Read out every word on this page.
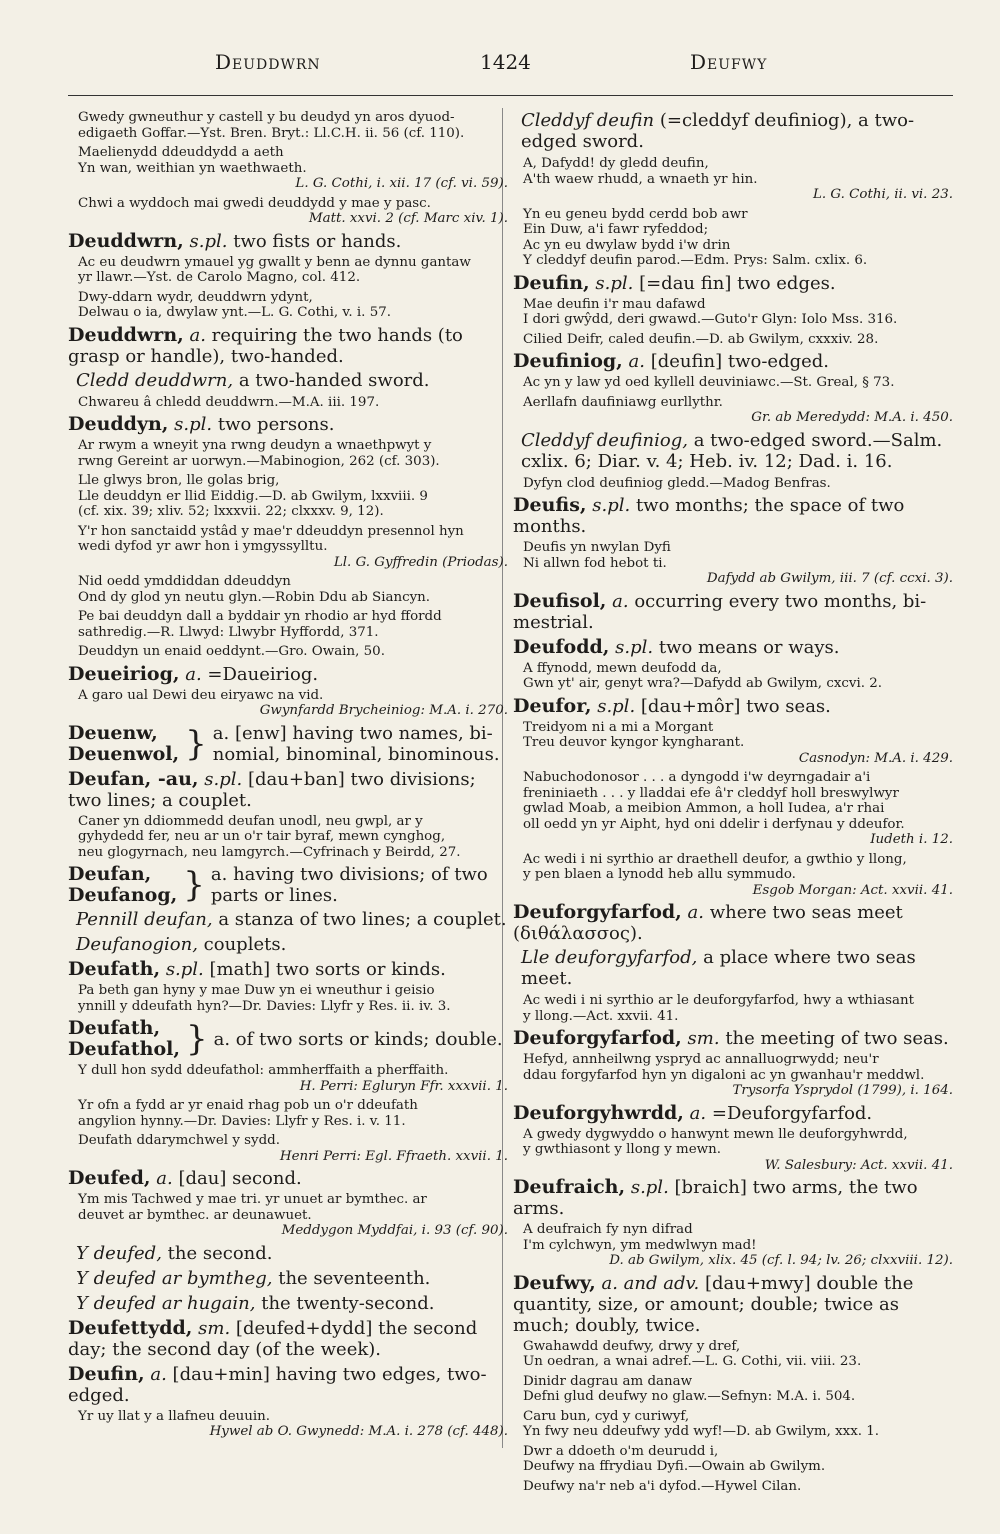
Deuddwrn	1424	Deufwy
Gwedy gwneuthur y castell y bu deudyd yn aros dyuod-
edigaeth Goffar.—Yst. Bren. Bryt.: Ll.C.H. ii. 56 (cf. 110).
Maelienydd ddeuddydd a aeth
Yn wan, weithian yn waethwaeth.
L. G. Cothi, i. xii. 17 (cf. vi. 59).
Chwi a wyddoch mai gwedi deuddydd y mae y pasc.
Matt. xxvi. 2 (cf. Marc xiv. 1).
Deuddwrn, s.pl. two fists or hands.
Ac eu deudwrn ymauel yg gwallt y benn ae dynnu gantaw
yr llawr.—Yst. de Carolo Magno, col. 412.
Dwy-ddarn wydr, deuddwrn ydynt,
Delwau o ia, dwylaw ynt.—L. G. Cothi, v. i. 57.
Deuddwrn, a. requiring the two hands (to grasp or handle), two-handed.
Cledd deuddwrn, a two-handed sword.
Chwareu â chledd deuddwrn.—M.A. iii. 197.
Deuddyn, s.pl. two persons.
Ar rwym a wneyit yna rwng deudyn a wnaethpwyt y
rwng Gereint ar uorwyn.—Mabinogion, 262 (cf. 303).
Lle glwys bron, lle golas brig,
Lle deuddyn er llid Eiddig.—D. ab Gwilym, lxxviii. 9
(cf. xix. 39; xliv. 52; lxxxvii. 22; clxxxv. 9, 12).
Y'r hon sanctaidd ystâd y mae'r ddeuddyn presennol hyn
wedi dyfod yr awr hon i ymgyssylltu.
Ll. G. Gyffredin (Priodas).
Nid oedd ymddiddan ddeuddyn
Ond dy glod yn neutu glyn.—Robin Ddu ab Siancyn.
Pe bai deuddyn dall a byddair yn rhodio ar hyd ffordd
sathredig.—R. Llwyd: Llwybr Hyffordd, 371.
Deuddyn un enaid oeddynt.—Gro. Owain, 50.
Deueiriog, a. =Daueiriog.
A garo ual Dewi deu eiryawc na vid.
Gwynfardd Brycheiniog: M.A. i. 270.
Deuenw,
Deuenwol, } a. [enw] having two names, bi-nomial, binominal, binominous.
Deufan, -au, s.pl. [dau+ban] two divisions; two lines; a couplet.
Caner yn ddiommedd deufan unodl, neu gwpl, ar y
gyhydedd fer, neu ar un o'r tair byraf, mewn cynghog,
neu glogyrnach, neu lamgyrch.—Cyfrinach y Beirdd, 27.
Deufan,
Deufanog, } a. having two divisions; of two parts or lines.
Pennill deufan, a stanza of two lines; a couplet.
Deufanogion, couplets.
Deufath, s.pl. [math] two sorts or kinds.
Pa beth gan hyny y mae Duw yn ei wneuthur i geisio
ynnill y ddeufath hyn?—Dr. Davies: Llyfr y Res. ii. iv. 3.
Deufath,
Deufathol, } a. of two sorts or kinds; double.
Y dull hon sydd ddeufathol: ammherffaith a pherffaith.
H. Perri: Egluryn Ffr. xxxvii. 1.
Yr ofn a fydd ar yr enaid rhag pob un o'r ddeufath
angylion hynny.—Dr. Davies: Llyfr y Res. i. v. 11.
Deufath ddarymchwel y sydd.
Henri Perri: Egl. Ffraeth. xxvii. 1.
Deufed, a. [dau] second.
Ym mis Tachwed y mae tri. yr unuet ar bymthec. ar
deuvet ar bymthec. ar deunawuet.
Meddygon Myddfai, i. 93 (cf. 90).
Y deufed, the second.
Y deufed ar bymtheg, the seventeenth.
Y deufed ar hugain, the twenty-second.
Deufettydd, sm. [deufed+dydd] the second day; the second day (of the week).
Deufin, a. [dau+min] having two edges, two-edged.
Yr uy llat y a llafneu deuuin.
Hywel ab O. Gwynedd: M.A. i. 278 (cf. 448).
Cleddyf deufin (=cleddyf deufiniog), a two-edged sword.
A, Dafydd! dy gledd deufin,
A'th waew rhudd, a wnaeth yr hin.
L. G. Cothi, ii. vi. 23.
Yn eu geneu bydd cerdd bob awr
Ein Duw, a'i fawr ryfeddod;
Ac yn eu dwylaw bydd i'w drin
Y cleddyf deufin parod.—Edm. Prys: Salm. cxlix. 6.
Deufin, s.pl. [=dau fin] two edges.
Mae deufin i'r mau dafawd
I dori gwŷdd, deri gwawd.—Guto'r Glyn: Iolo Mss. 316.
Cilied Deifr, caled deufin.—D. ab Gwilym, cxxxiv. 28.
Deufiniog, a. [deufin] two-edged.
Ac yn y law yd oed kyllell deuviniawc.—St. Greal, § 73.
Aerllafn daufiniawg eurllythr.
Gr. ab Meredydd: M.A. i. 450.
Cleddyf deufiniog, a two-edged sword.—Salm. cxlix. 6; Diar. v. 4; Heb. iv. 12; Dad. i. 16.
Dyfyn clod deufiniog gledd.—Madog Benfras.
Deufis, s.pl. two months; the space of two months.
Deufis yn nwylan Dyfi
Ni allwn fod hebot ti.
Dafydd ab Gwilym, iii. 7 (cf. ccxi. 3).
Deufisol, a. occurring every two months, bi-mestrial.
Deufodd, s.pl. two means or ways.
A ffynodd, mewn deufodd da,
Gwn yt' air, genyt wra?—Dafydd ab Gwilym, cxcvi. 2.
Deufor, s.pl. [dau+môr] two seas.
Treidyom ni a mi a Morgant
Treu deuvor kyngor kyngharant.
Casnodyn: M.A. i. 429.
Nabuchodonosor . . . a dyngodd i'w deyrngadair a'i
freniniaeth . . . y lladdai efe â'r cleddyf holl breswylwyr
gwlad Moab, a meibion Ammon, a holl Iudea, a'r rhai
oll oedd yn yr Aipht, hyd oni ddelir i derfynau y ddeufor.
Iudeth i. 12.
Ac wedi i ni syrthio ar draethell deufor, a gwthio y llong,
y pen blaen a lynodd heb allu symmudo.
Esgob Morgan: Act. xxvii. 41.
Deuforgyfarfod, a. where two seas meet (διθάλασσος).
Lle deuforgyfarfod, a place where two seas meet.
Ac wedi i ni syrthio ar le deuforgyfarfod, hwy a wthiasant
y llong.—Act. xxvii. 41.
Deuforgyfarfod, sm. the meeting of two seas.
Hefyd, annheilwng yspryd ac annalluogrwydd; neu'r
ddau forgyfarfod hyn yn digaloni ac yn gwanhau'r meddwl.
Trysorfa Ysprydol (1799), i. 164.
Deuforgyhwrdd, a. =Deuforgyfarfod.
A gwedy dygwyddo o hanwynt mewn lle deuforgyhwrdd,
y gwthiasont y llong y mewn.
W. Salesbury: Act. xxvii. 41.
Deufraich, s.pl. [braich] two arms, the two arms.
A deufraich fy nyn difrad
I'm cylchwyn, ym medwlwyn mad!
D. ab Gwilym, xlix. 45 (cf. l. 94; lv. 26; clxxviii. 12).
Deufwy, a. and adv. [dau+mwy] double the quantity, size, or amount; double; twice as much; doubly, twice.
Gwahawdd deufwy, drwy y dref,
Un oedran, a wnai adref.—L. G. Cothi, vii. viii. 23.
Dinidr dagrau am danaw
Defni glud deufwy no glaw.—Sefnyn: M.A. i. 504.
Caru bun, cyd y curiwyf,
Yn fwy neu ddeufwy ydd wyf!—D. ab Gwilym, xxx. 1.
Dwr a ddoeth o'm deurudd i,
Deufwy na ffrydiau Dyfi.—Owain ab Gwilym.
Deufwy na'r neb a'i dyfod.—Hywel Cilan.
